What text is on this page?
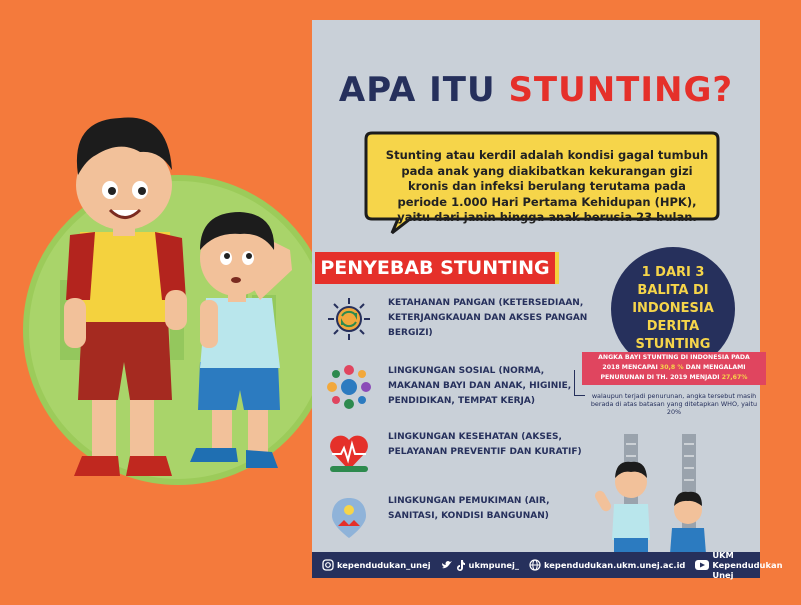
APA ITU STUNTING?
Stunting atau kerdil adalah kondisi gagal tumbuh pada anak yang diakibatkan kekurangan gizi kronis dan infeksi berulang terutama pada periode 1.000 Hari Pertama Kehidupan (HPK), yaitu dari janin hingga anak berusia 23 bulan.
PENYEBAB STUNTING
KETAHANAN PANGAN (KETERSEDIAAN, KETERJANGKAUAN DAN AKSES PANGAN BERGIZI)
LINGKUNGAN SOSIAL (NORMA, MAKANAN BAYI DAN ANAK, HIGINIE, PENDIDIKAN, TEMPAT KERJA)
LINGKUNGAN KESEHATAN (AKSES, PELAYANAN PREVENTIF DAN KURATIF)
LINGKUNGAN PEMUKIMAN (AIR, SANITASI, KONDISI BANGUNAN)
1 DARI 3
BALITA DI
INDONESIA
DERITA
STUNTING
ANGKA BAYI STUNTING DI INDONESIA PADA
2018 MENCAPAI 30,8 % DAN MENGALAMI
PENURUNAN DI TH. 2019 MENJADI 27,67%
walaupun terjadi penurunan, angka tersebut masih berada di atas batasan yang ditetapkan WHO, yaitu 20%
kependudukan_unej	ukmpunej_	kependudukan.ukm.unej.ac.id
UKM Kependudukan Unej
